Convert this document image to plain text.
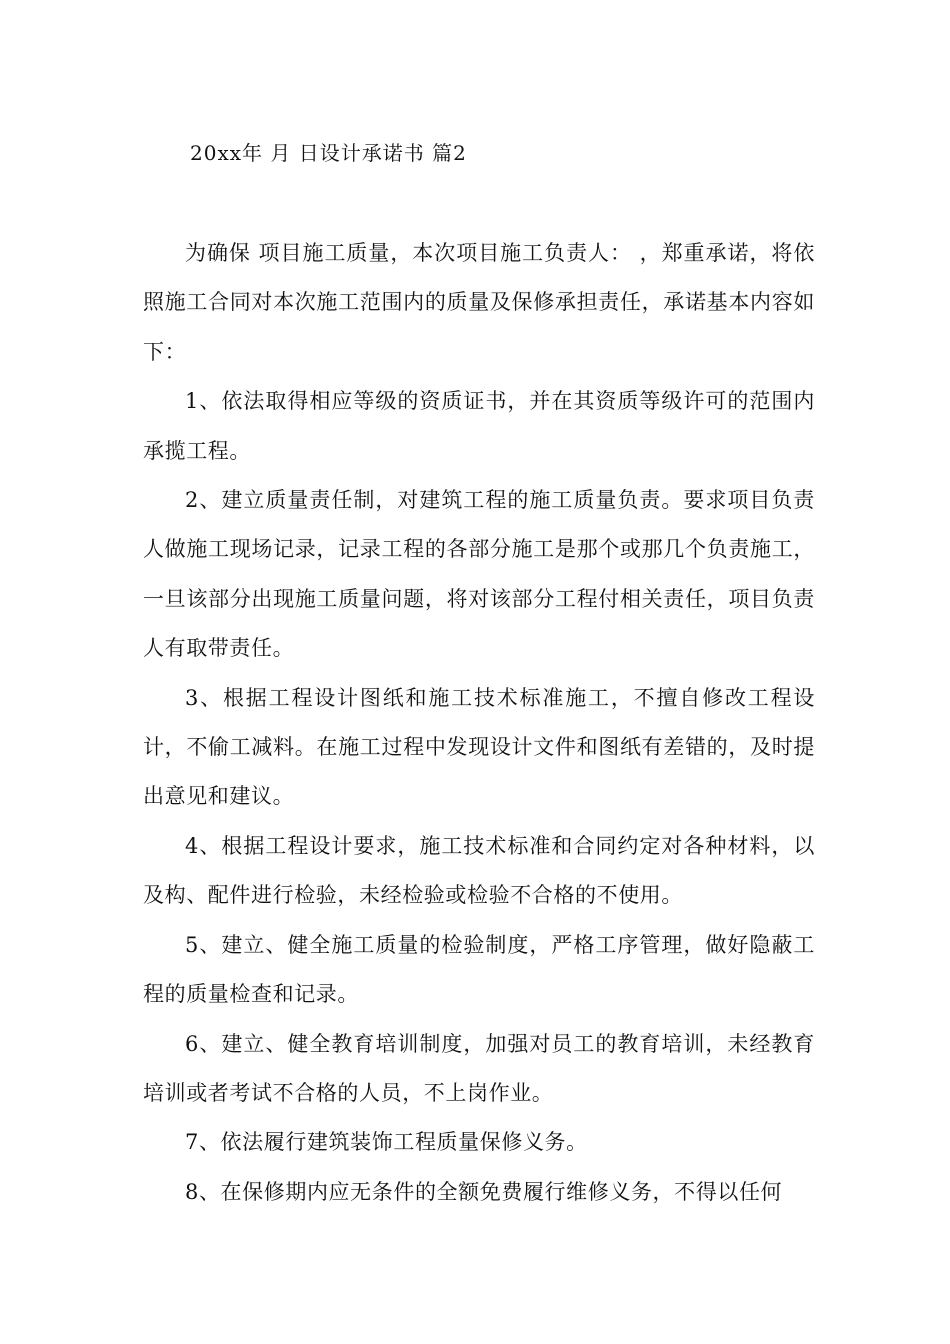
20xx年 月 日设计承诺书 篇2

为确保 项目施工质量，本次项目施工负责人： ，郑重承诺，将依照施工合同对本次施工范围内的质量及保修承担责任，承诺基本内容如下：

1、依法取得相应等级的资质证书，并在其资质等级许可的范围内承揽工程。

2、建立质量责任制，对建筑工程的施工质量负责。要求项目负责人做施工现场记录，记录工程的各部分施工是那个或那几个负责施工，一旦该部分出现施工质量问题，将对该部分工程付相关责任，项目负责人有取带责任。

3、根据工程设计图纸和施工技术标准施工，不擅自修改工程设计，不偷工减料。在施工过程中发现设计文件和图纸有差错的，及时提出意见和建议。

4、根据工程设计要求，施工技术标准和合同约定对各种材料，以及构、配件进行检验，未经检验或检验不合格的不使用。

5、建立、健全施工质量的检验制度，严格工序管理，做好隐蔽工程的质量检查和记录。

6、建立、健全教育培训制度，加强对员工的教育培训，未经教育培训或者考试不合格的人员，不上岗作业。

7、依法履行建筑装饰工程质量保修义务。

8、在保修期内应无条件的全额免费履行维修义务，不得以任何
